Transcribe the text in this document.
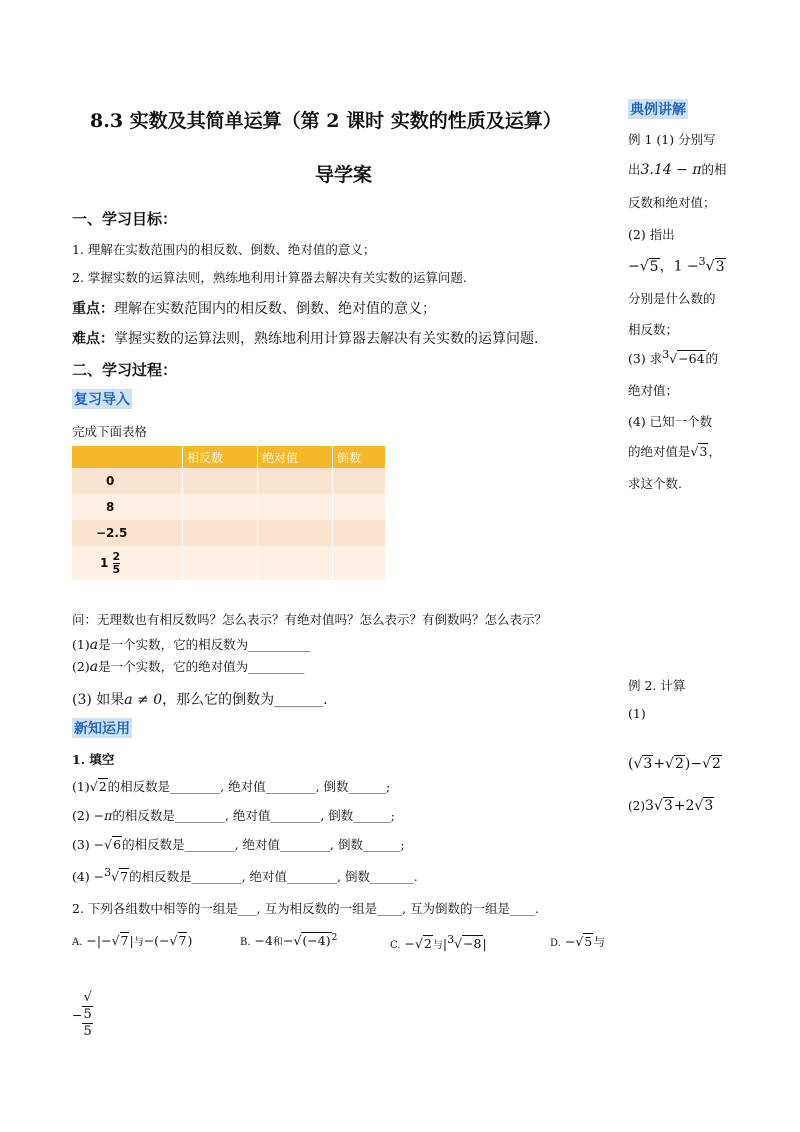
8.3 实数及其简单运算（第 2 课时 实数的性质及运算）
导学案
一、学习目标：
1. 理解在实数范围内的相反数、倒数、绝对值的意义；
2. 掌握实数的运算法则，熟练地利用计算器去解决有关实数的运算问题.
重点：理解在实数范围内的相反数、倒数、绝对值的意义；
难点：掌握实数的运算法则，熟练地利用计算器去解决有关实数的运算问题.
二、学习过程：
复习导入
完成下面表格
	相反数	绝对值	倒数
0			
8			
−2.5			
$1 \frac{2}{5}$

问：无理数也有相反数吗？怎么表示？有绝对值吗？怎么表示？有倒数吗？怎么表示？
(1)a是一个实数，它的相反数为__________
(2)a是一个实数，它的绝对值为_________
(3) 如果a ≠ 0，那么它的倒数为_______.
新知运用
1. 填空
(1)√2的相反数是________, 绝对值________, 倒数______;
(2) −π的相反数是________, 绝对值________, 倒数______;
(3) −√6的相反数是________, 绝对值________, 倒数______;
(4) −3√7的相反数是________, 绝对值________, 倒数_______.
2. 下列各组数中相等的一组是___, 互为相反数的一组是____, 互为倒数的一组是____.
A. −|−√7|与−(−√7)	B. −4和$-√(-4)^2$
C. −√2与|3√−8|	D. −√5与
− √
5
5
典例讲解
例 1 (1) 分别写
出3.14 − π的相
反数和绝对值；
(2) 指出
−√5，1 −$^3$√3
分别是什么数的
相反数；
(3) 求3√−64的
绝对值；
(4) 已知一个数
的绝对值是√3，
求这个数.
例 2. 计算
(1)
(√3+√2)−√2
(2)3√3+2√3
